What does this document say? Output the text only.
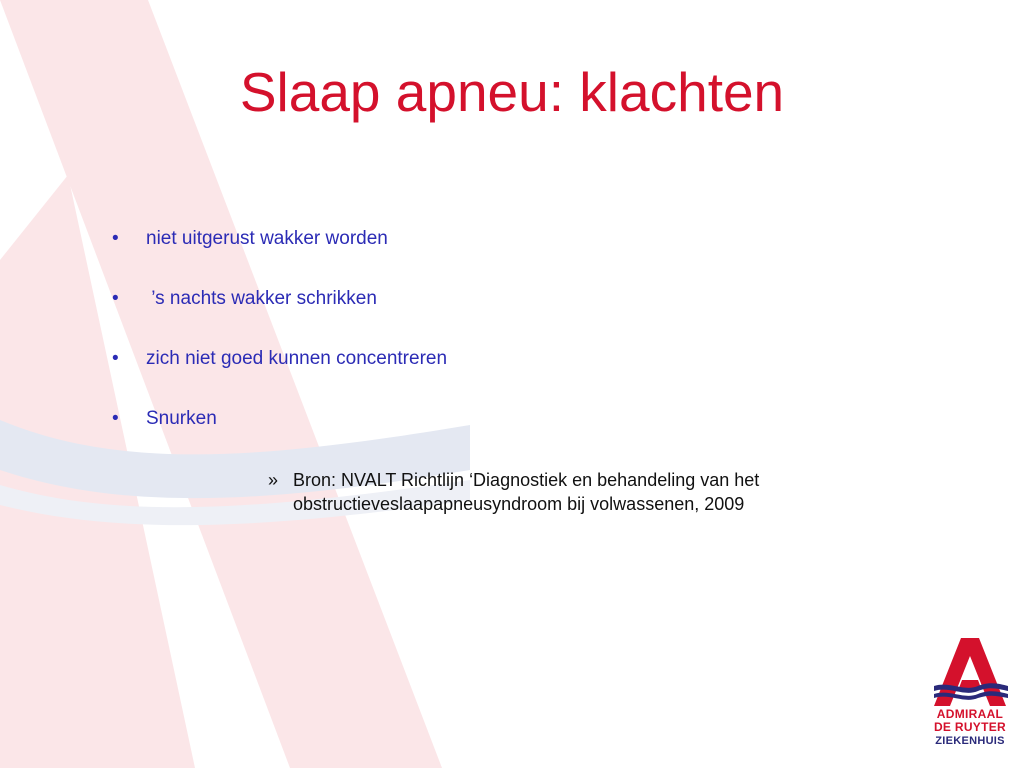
Slaap apneu: klachten
• niet uitgerust wakker worden
• ’s nachts wakker schrikken
• zich niet goed kunnen concentreren
• Snurken
» Bron: NVALT Richtlijn ‘Diagnostiek en behandeling van het obstructieveslaapapneusyndroom bij volwassenen, 2009
ADMIRAAL
DE RUYTER
ZIEKENHUIS
